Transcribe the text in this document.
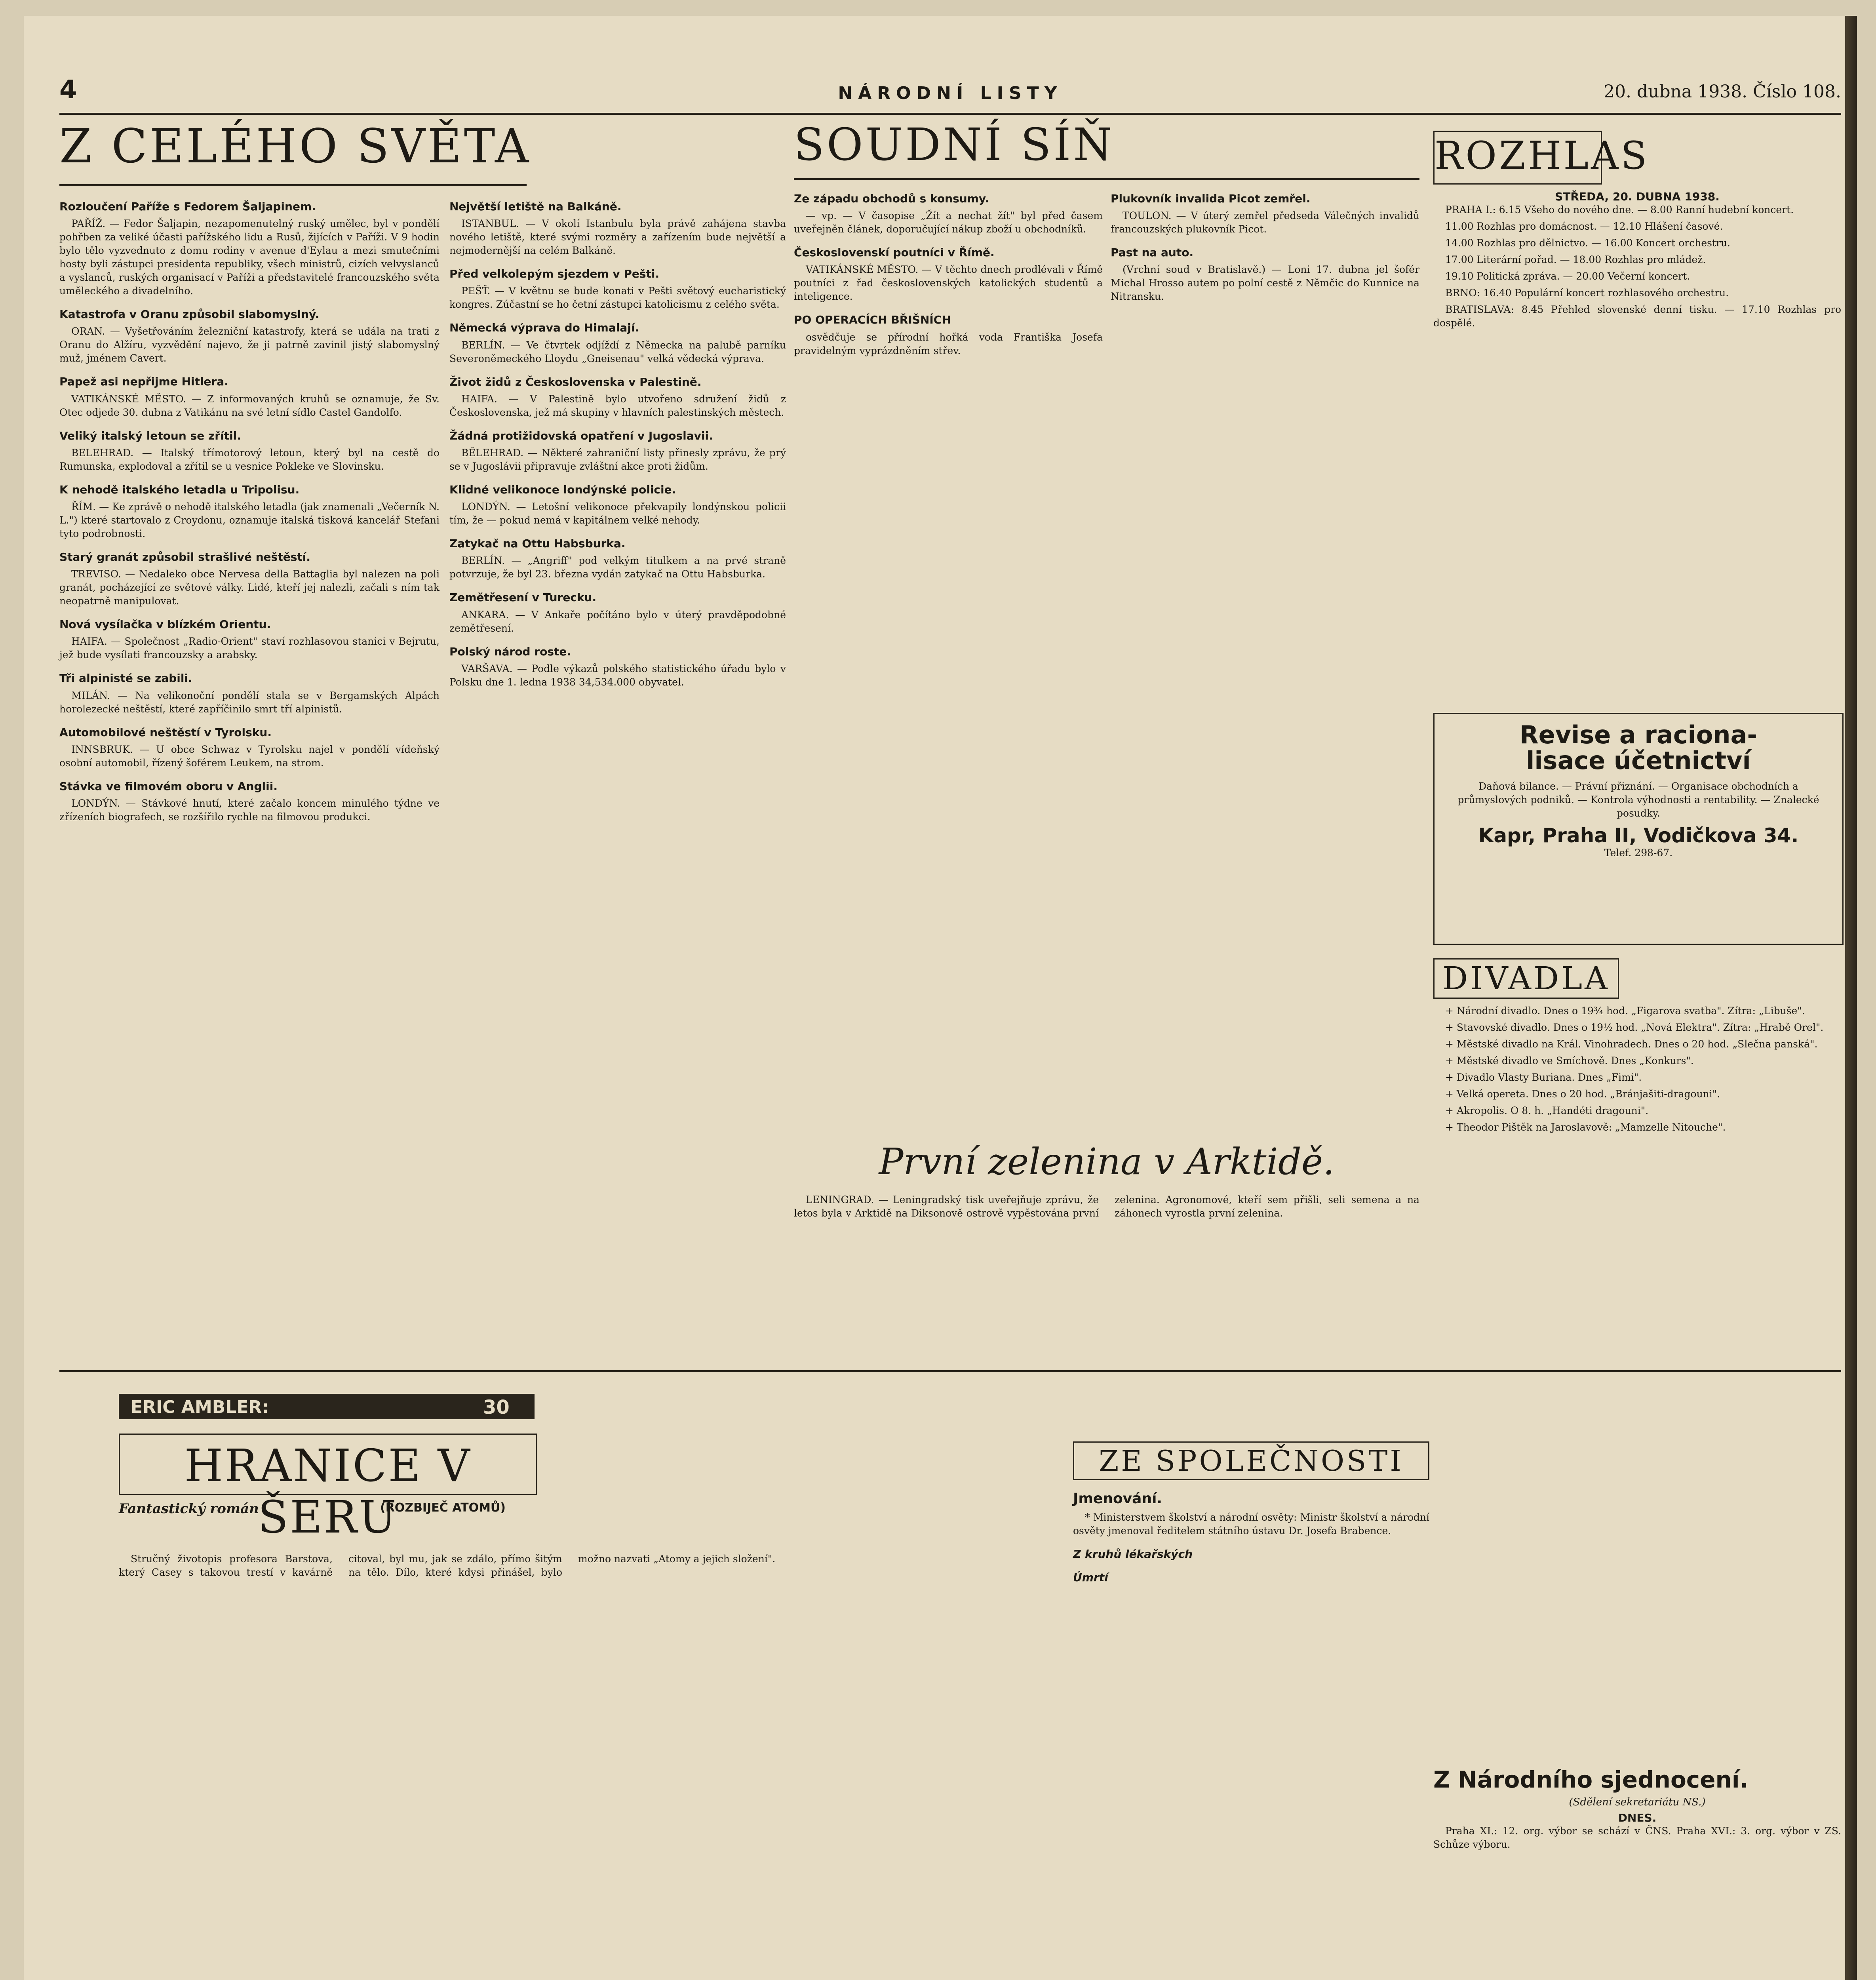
4	NÁRODNÍ LISTY	20. dubna 1938. Číslo 108.
Z CELÉHO SVĚTA
Rozloučení Paříže s Fedorem Šaljapinem.

PAŘÍŽ. — Fedor Šaljapin, nezapomenutelný ruský umělec, byl v pondělí pohřben za veliké účasti pařížského lidu a Rusů, žijících v Paříži. V 9 hodin bylo tělo vyzvednuto z domu rodiny v avenue d'Eylau a mezi smutečními hosty byli zástupci presidenta republiky, všech ministrů, cizích velvyslanců a vyslanců, ruských organisací v Paříži a představitelé francouzského světa uměleckého a divadelního.

Katastrofa v Oranu způsobil slabomyslný.

ORAN. — Vyšetřováním železniční katastrofy, která se udála na trati z Oranu do Alžíru, vyzvědění najevo, že ji patrně zavinil jistý slabomyslný muž, jménem Cavert.

Papež asi nepřijme Hitlera.

VATIKÁNSKÉ MĚSTO. — Z informovaných kruhů se oznamuje, že Sv. Otec odjede 30. dubna z Vatikánu na své letní sídlo Castel Gandolfo.

Veliký italský letoun se zřítil.

BELEHRAD. — Italský třímotorový letoun, který byl na cestě do Rumunska, explodoval a zřítil se u vesnice Pokleke ve Slovinsku.

K nehodě italského letadla u Tripolisu.

ŘÍM. — Ke zprávě o nehodě italského letadla (jak znamenali „Večerník N. L.") které startovalo z Croydonu, oznamuje italská tisková kancelář Stefani tyto podrobnosti.

Starý granát způsobil strašlivé neštěstí.

TREVISO. — Nedaleko obce Nervesa della Battaglia byl nalezen na poli granát, pocházející ze světové války. Lidé, kteří jej nalezli, začali s ním tak neopatrně manipulovat.

Nová vysílačka v blízkém Orientu.

HAIFA. — Společnost „Radio-Orient" staví rozhlasovou stanici v Bejrutu, jež bude vysílati francouzsky a arabsky.

Tři alpinisté se zabili.

MILÁN. — Na velikonoční pondělí stala se v Bergamských Alpách horolezecké neštěstí, které zapříčinilo smrt tří alpinistů.

Automobilové neštěstí v Tyrolsku.

INNSBRUK. — U obce Schwaz v Tyrolsku najel v pondělí vídeňský osobní automobil, řízený šoférem Leukem, na strom.

Stávka ve filmovém oboru v Anglii.

LONDÝN. — Stávkové hnutí, které začalo koncem minulého týdne ve zřízeních biografech, se rozšířilo rychle na filmovou produkci.

Největší letiště na Balkáně.

ISTANBUL. — V okolí Istanbulu byla právě zahájena stavba nového letiště, které svými rozměry a zařízením bude největší a nejmodernější na celém Balkáně.

Před velkolepým sjezdem v Pešti.

PEŠŤ. — V květnu se bude konati v Pešti světový eucharistický kongres. Zúčastní se ho četní zástupci katolicismu z celého světa.

Německá výprava do Himalají.

BERLÍN. — Ve čtvrtek odjíždí z Německa na palubě parníku Severoněmeckého Lloydu „Gneisenau" velká vědecká výprava.

Život židů z Československa v Palestině.

HAIFA. — V Palestině bylo utvořeno sdružení židů z Československa, jež má skupiny v hlavních palestinských městech.

Žádná protižidovská opatření v Jugoslavii.

BĚLEHRAD. — Některé zahraniční listy přinesly zprávu, že prý se v Jugoslávii připravuje zvláštní akce proti židům.

Klidné velikonoce londýnské policie.

LONDÝN. — Letošní velikonoce překvapily londýnskou policii tím, že — pokud nemá v kapitálnem velké nehody.

Zatykač na Ottu Habsburka.

BERLÍN. — „Angriff" pod velkým titulkem a na prvé straně potvrzuje, že byl 23. března vydán zatykač na Ottu Habsburka.

Zemětřesení v Turecku.

ANKARA. — V Ankaře počítáno bylo v úterý pravděpodobné zemětřesení.

Polský národ roste.

VARŠAVA. — Podle výkazů polského statistického úřadu bylo v Polsku dne 1. ledna 1938 34,534.000 obyvatel.

SOUDNÍ SÍŇ
Ze západu obchodů s konsumy.

— vp. — V časopise „Žít a nechat žít" byl před časem uveřejněn článek, doporučující nákup zboží u obchodníků.

Československí poutníci v Římě.

VATIKÁNSKÉ MĚSTO. — V těchto dnech prodlévali v Římě poutníci z řad československých katolických studentů a inteligence.

PO OPERACÍCH BŘIŠNÍCH

osvědčuje se přírodní hořká voda Františka Josefa pravidelným vyprázdněním střev.

Plukovník invalida Picot zemřel.

TOULON. — V úterý zemřel předseda Válečných invalidů francouzských plukovník Picot.

Past na auto.

(Vrchní soud v Bratislavě.) — Loni 17. dubna jel šofér Michal Hrosso autem po polní cestě z Němčic do Kunnice na Nitransku.

První zelenina v Arktidě.

LENINGRAD. — Leningradský tisk uveřejňuje zprávu, že letos byla v Arktidě na Diksonově ostrově vypěstována první zelenina. Agronomové, kteří sem přišli, seli semena a na záhonech vyrostla první zelenina.

ROZHLAS
STŘEDA, 20. DUBNA 1938.

PRAHA I.: 6.15 Všeho do nového dne. — 8.00 Ranní hudební koncert.

11.00 Rozhlas pro domácnost. — 12.10 Hlášení časové.

14.00 Rozhlas pro dělnictvo. — 16.00 Koncert orchestru.

17.00 Literární pořad. — 18.00 Rozhlas pro mládež.

19.10 Politická zpráva. — 20.00 Večerní koncert.

BRNO: 16.40 Populární koncert rozhlasového orchestru.

BRATISLAVA: 8.45 Přehled slovenské denní tisku. — 17.10 Rozhlas pro dospělé.

Revise a raciona-
lisace účetnictví
Daňová bilance. — Právní přiznání. — Organisace obchodních a průmyslových podniků. — Kontrola výhodnosti a rentability. — Znalecké posudky.
Kapr, Praha II, Vodičkova 34.
Telef. 298-67.
DIVADLA

+ Národní divadlo. Dnes o 19¾ hod. „Figarova svatba". Zítra: „Libuše".

+ Stavovské divadlo. Dnes o 19½ hod. „Nová Elektra". Zítra: „Hrabě Orel".

+ Městské divadlo na Král. Vinohradech. Dnes o 20 hod. „Slečna panská".

+ Městské divadlo ve Smíchově. Dnes „Konkurs".

+ Divadlo Vlasty Buriana. Dnes „Fimi".

+ Velká opereta. Dnes o 20 hod. „Bránjašiti-dragouni".

+ Akropolis. O 8. h. „Handéti dragouni".

+ Theodor Pištěk na Jaroslavově: „Mamzelle Nitouche".

ERIC AMBLER:	30
HRANICE V ŠERU
Fantastický román	(ROZBIJEČ ATOMŮ)

Stručný životopis profesora Barstova, který Casey s takovou trestí v kavárně citoval, byl mu, jak se zdálo, přímo šitým na tělo. Dílo, které kdysi přinášel, bylo možno nazvati „Atomy a jejich složení".

ZE SPOLEČNOSTI
Jmenování.

* Ministerstvem školství a národní osvěty: Ministr školství a národní osvěty jmenoval ředitelem státního ústavu Dr. Josefa Brabence.

Z kruhů lékařských
Úmrtí
Z Národního sjednocení.
(Sdělení sekretariátu NS.)
DNES.

Praha XI.: 12. org. výbor se schází v ČNS. Praha XVI.: 3. org. výbor v ZS. Schůze výboru.
